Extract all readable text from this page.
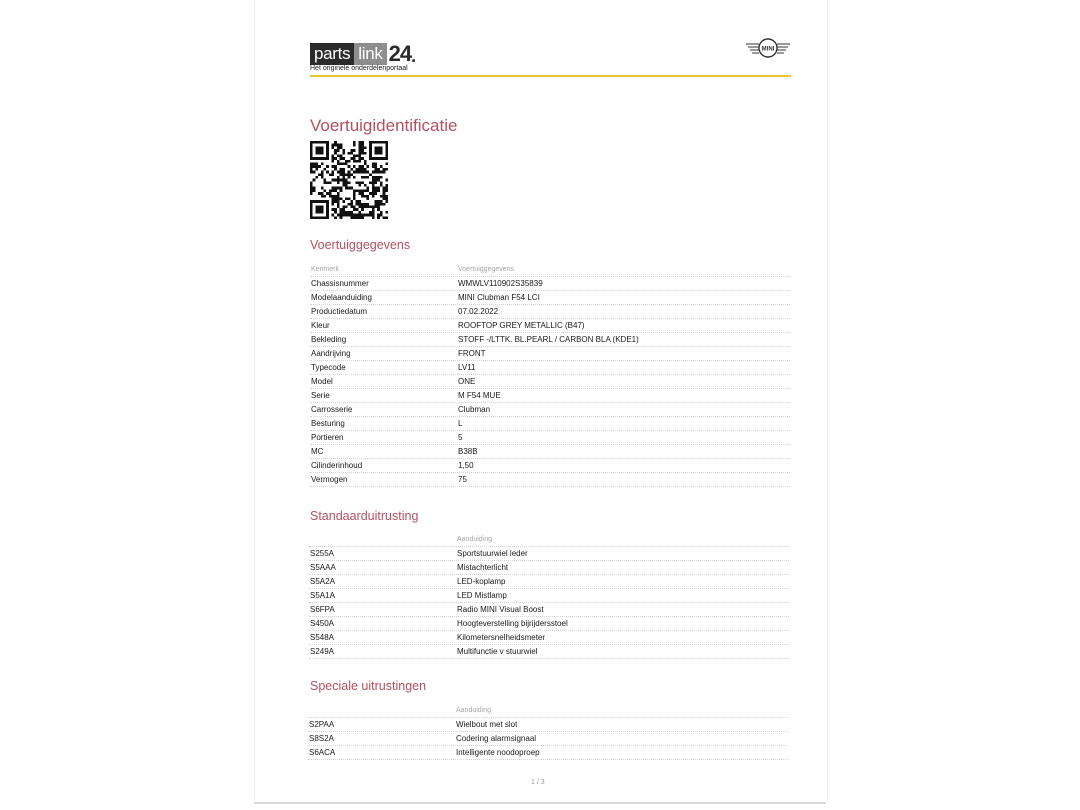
parts link 24 .
Het originele onderdelenportaal
MINI
Voertuigidentificatie
Voertuiggegevens
Kenmerk	Voertuiggegevens
Chassisnummer	WMWLV110902S35839
Modelaanduiding	MINI Clubman F54 LCI
Productiedatum	07.02.2022
Kleur	ROOFTOP GREY METALLIC (B47)
Bekleding	STOFF -/LTTK. BL.PEARL / CARBON BLA (KDE1)
Aandrijving	FRONT
Typecode	LV11
Model	ONE
Serie	M F54 MUE
Carrosserie	Clubman
Besturing	L
Portieren	5
MC	B38B
Cilinderinhoud	1,50
Vermogen	75
Standaarduitrusting
Aanduiding
S255A	Sportstuurwiel leder
S5AAA	Mistachterlicht
S5A2A	LED-koplamp
S5A1A	LED Mistlamp
S6FPA	Radio MINI Visual Boost
S450A	Hoogteverstelling bijrijdersstoel
S548A	Kilometersnelheidsmeter
S249A	Multifunctie v stuurwiel
Speciale uitrustingen
Aanduiding
S2PAA	Wielbout met slot
S8S2A	Codering alarmsignaal
S6ACA	Intelligente noodoproep
1 / 3
